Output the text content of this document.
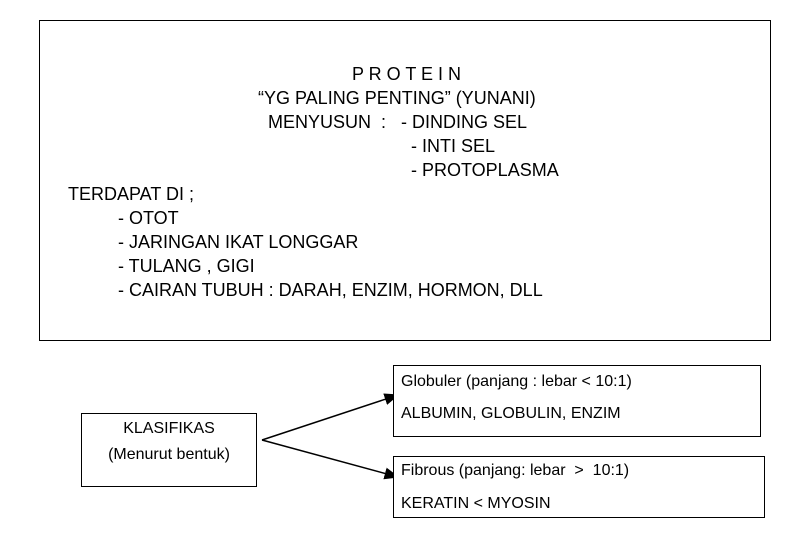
P R O T E I N
“YG PALING PENTING” (YUNANI)
MENYUSUN  :   - DINDING SEL
- INTI SEL
- PROTOPLASMA
TERDAPAT DI ;
- OTOT
- JARINGAN IKAT LONGGAR
- TULANG , GIGI
- CAIRAN TUBUH : DARAH, ENZIM, HORMON, DLL
KLASIFIKAS
(Menurut bentuk)
Globuler (panjang : lebar < 10:1)
ALBUMIN, GLOBULIN, ENZIM
Fibrous (panjang: lebar  >  10:1)
KERATIN < MYOSIN
